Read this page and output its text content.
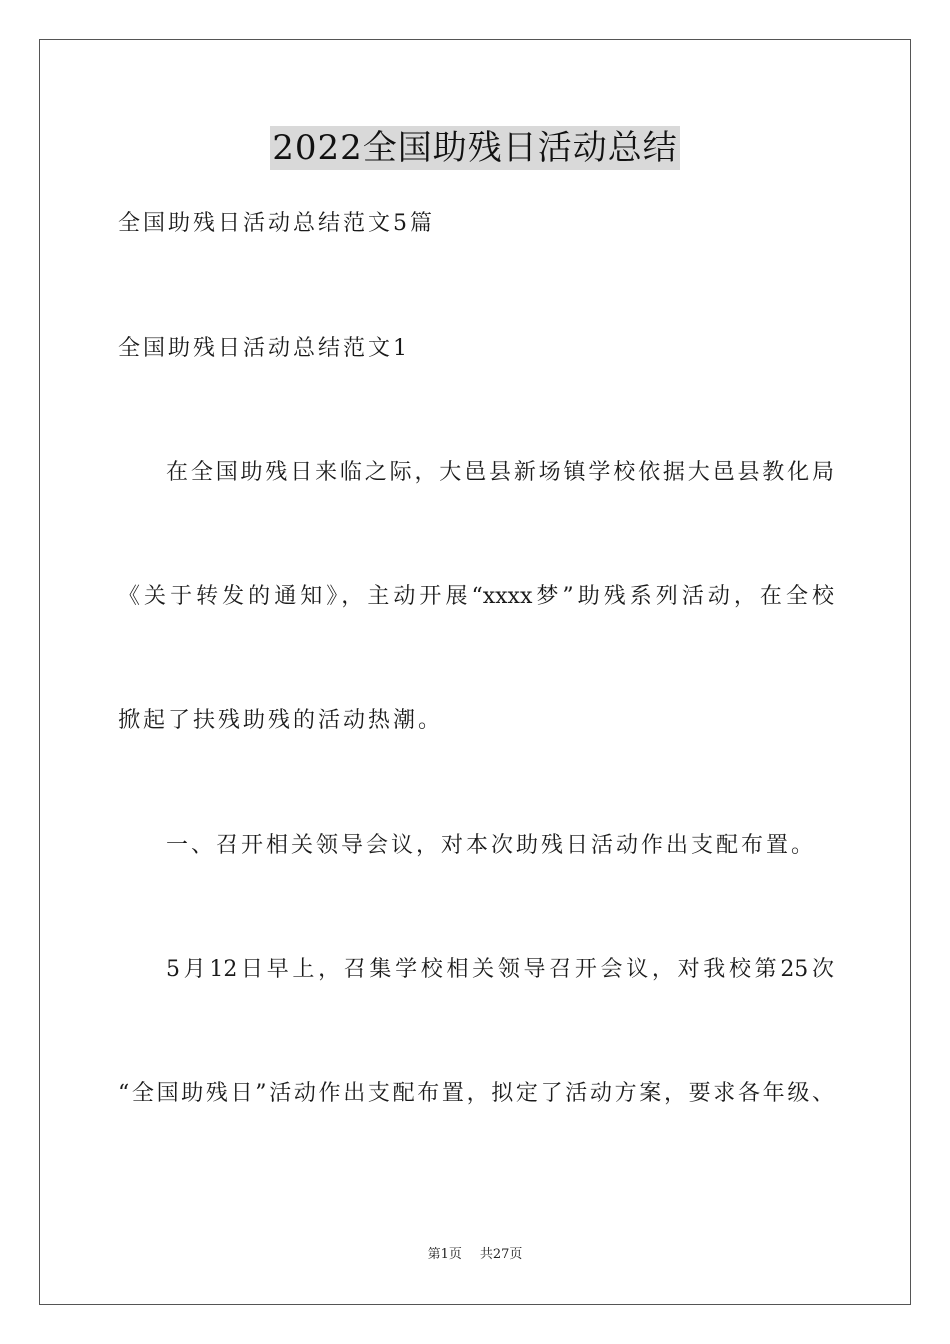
2022全国助残日活动总结
全国助残日活动总结范文5篇
全国助残日活动总结范文1
在全国助残日来临之际，大邑县新场镇学校依据大邑县教化局
《关于转发的通知》，主动开展“xxxx梦”助残系列活动，在全校
掀起了扶残助残的活动热潮。
一、召开相关领导会议，对本次助残日活动作出支配布置。
5月12日早上，召集学校相关领导召开会议，对我校第25次
“全国助残日”活动作出支配布置，拟定了活动方案，要求各年级、
第1页 共27页
